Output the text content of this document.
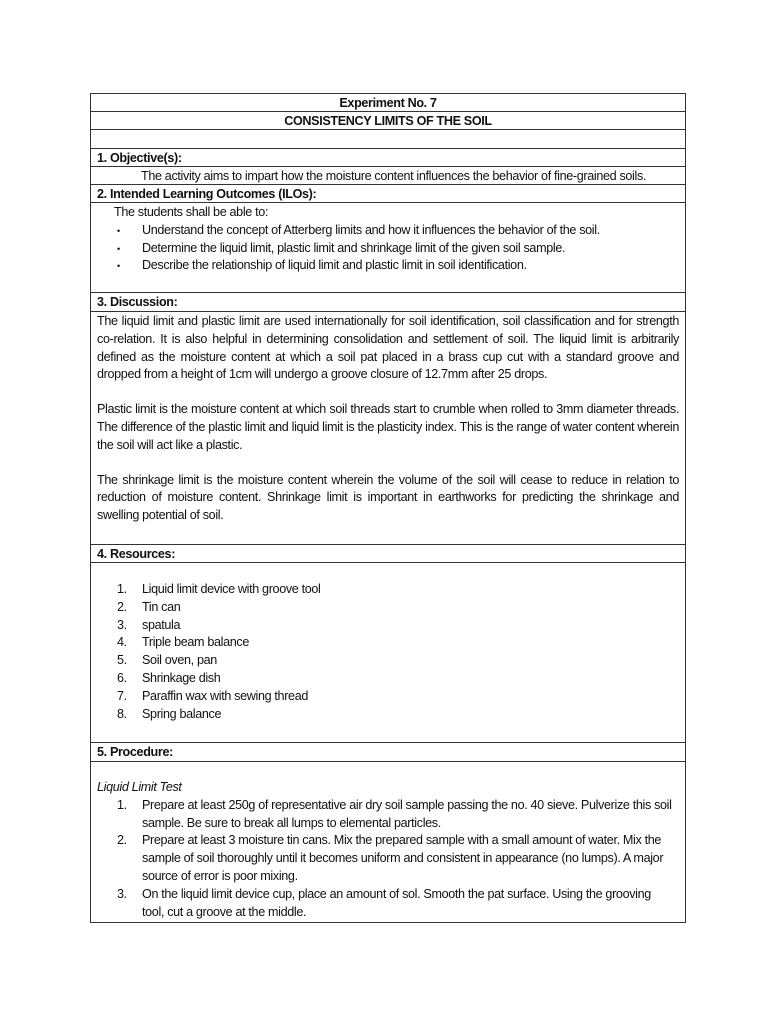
Experiment No. 7
CONSISTENCY LIMITS OF THE SOIL
1. Objective(s):
The activity aims to impart how the moisture content influences the behavior of fine-grained soils.
2. Intended Learning Outcomes (ILOs):
The students shall be able to:
• Understand the concept of Atterberg limits and how it influences the behavior of the soil.
• Determine the liquid limit, plastic limit and shrinkage limit of the given soil sample.
• Describe the relationship of liquid limit and plastic limit in soil identification.
3. Discussion:

The liquid limit and plastic limit are used internationally for soil identification, soil classification and for strength co-relation. It is also helpful in determining consolidation and settlement of soil. The liquid limit is arbitrarily defined as the moisture content at which a soil pat placed in a brass cup cut with a standard groove and dropped from a height of 1cm will undergo a groove closure of 12.7mm after 25 drops.

Plastic limit is the moisture content at which soil threads start to crumble when rolled to 3mm diameter threads. The difference of the plastic limit and liquid limit is the plasticity index. This is the range of water content wherein the soil will act like a plastic.

The shrinkage limit is the moisture content wherein the volume of the soil will cease to reduce in relation to reduction of moisture content. Shrinkage limit is important in earthworks for predicting the shrinkage and swelling potential of soil.

4. Resources:
1. Liquid limit device with groove tool
2. Tin can
3. spatula
4. Triple beam balance
5. Soil oven, pan
6. Shrinkage dish
7. Paraffin wax with sewing thread
8. Spring balance
5. Procedure:
Liquid Limit Test
1. Prepare at least 250g of representative air dry soil sample passing the no. 40 sieve. Pulverize this soil sample. Be sure to break all lumps to elemental particles.
2. Prepare at least 3 moisture tin cans. Mix the prepared sample with a small amount of water. Mix the sample of soil thoroughly until it becomes uniform and consistent in appearance (no lumps). A major source of error is poor mixing.
3. On the liquid limit device cup, place an amount of sol. Smooth the pat surface. Using the grooving tool, cut a groove at the middle.
